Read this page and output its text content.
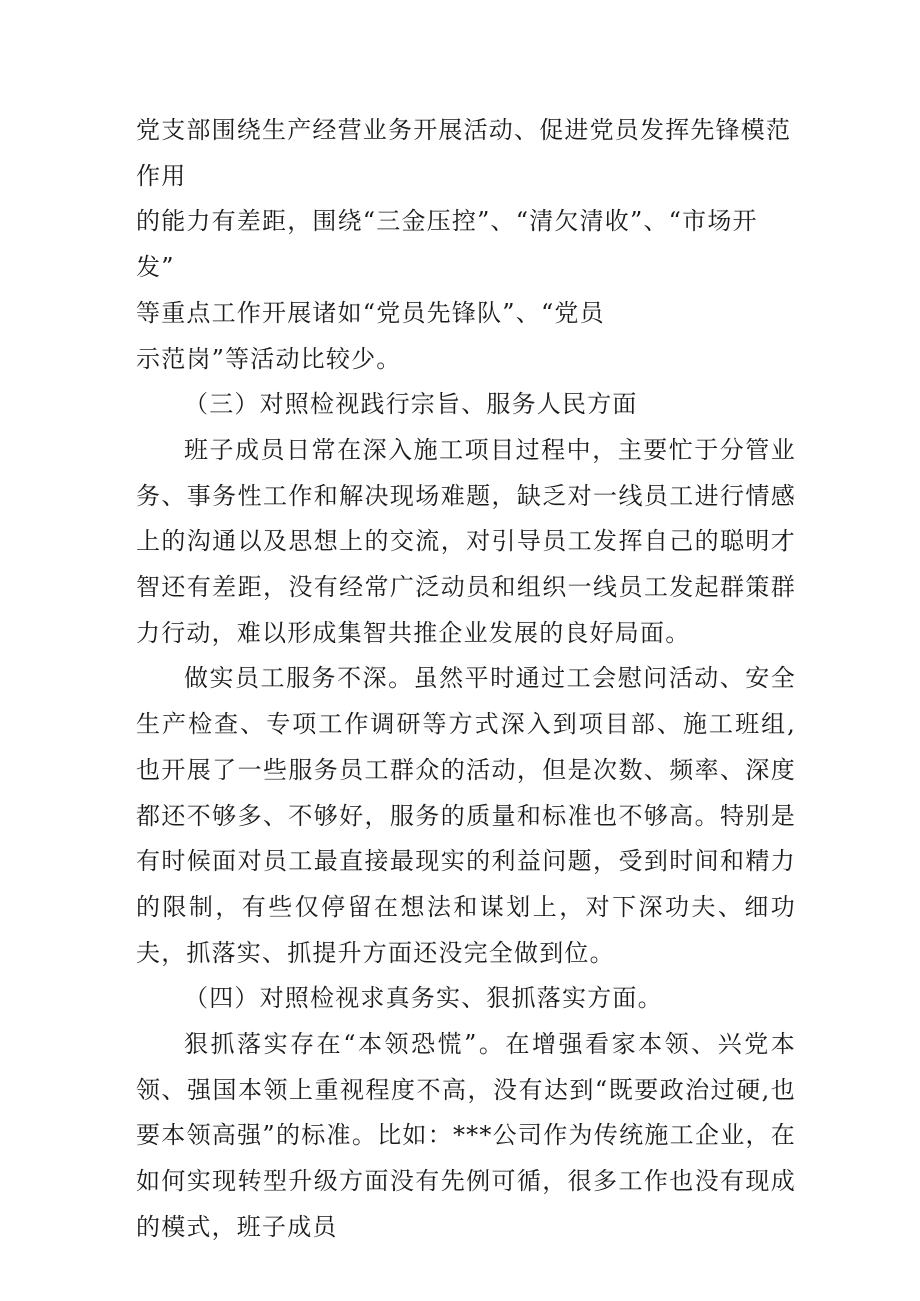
党支部围绕生产经营业务开展活动、促进党员发挥先锋模范作用
的能力有差距，围绕“三金压控”、“清欠清收”、“市场开发”
等重点工作开展诸如“党员先锋队”、“党员
示范岗”等活动比较少。

（三）对照检视践行宗旨、服务人民方面

班子成员日常在深入施工项目过程中，主要忙于分管业务、事务性工作和解决现场难题，缺乏对一线员工进行情感上的沟通以及思想上的交流，对引导员工发挥自己的聪明才智还有差距，没有经常广泛动员和组织一线员工发起群策群力行动，难以形成集智共推企业发展的良好局面。

做实员工服务不深。虽然平时通过工会慰问活动、安全生产检查、专项工作调研等方式深入到项目部、施工班组,也开展了一些服务员工群众的活动，但是次数、频率、深度都还不够多、不够好，服务的质量和标准也不够高。特别是有时候面对员工最直接最现实的利益问题，受到时间和精力的限制，有些仅停留在想法和谋划上，对下深功夫、细功夫，抓落实、抓提升方面还没完全做到位。

（四）对照检视求真务实、狠抓落实方面。

狠抓落实存在“本领恐慌”。在增强看家本领、兴党本领、强国本领上重视程度不高，没有达到“既要政治过硬,也要本领高强”的标准。比如：***公司作为传统施工企业，在如何实现转型升级方面没有先例可循，很多工作也没有现成的模式，班子成员
